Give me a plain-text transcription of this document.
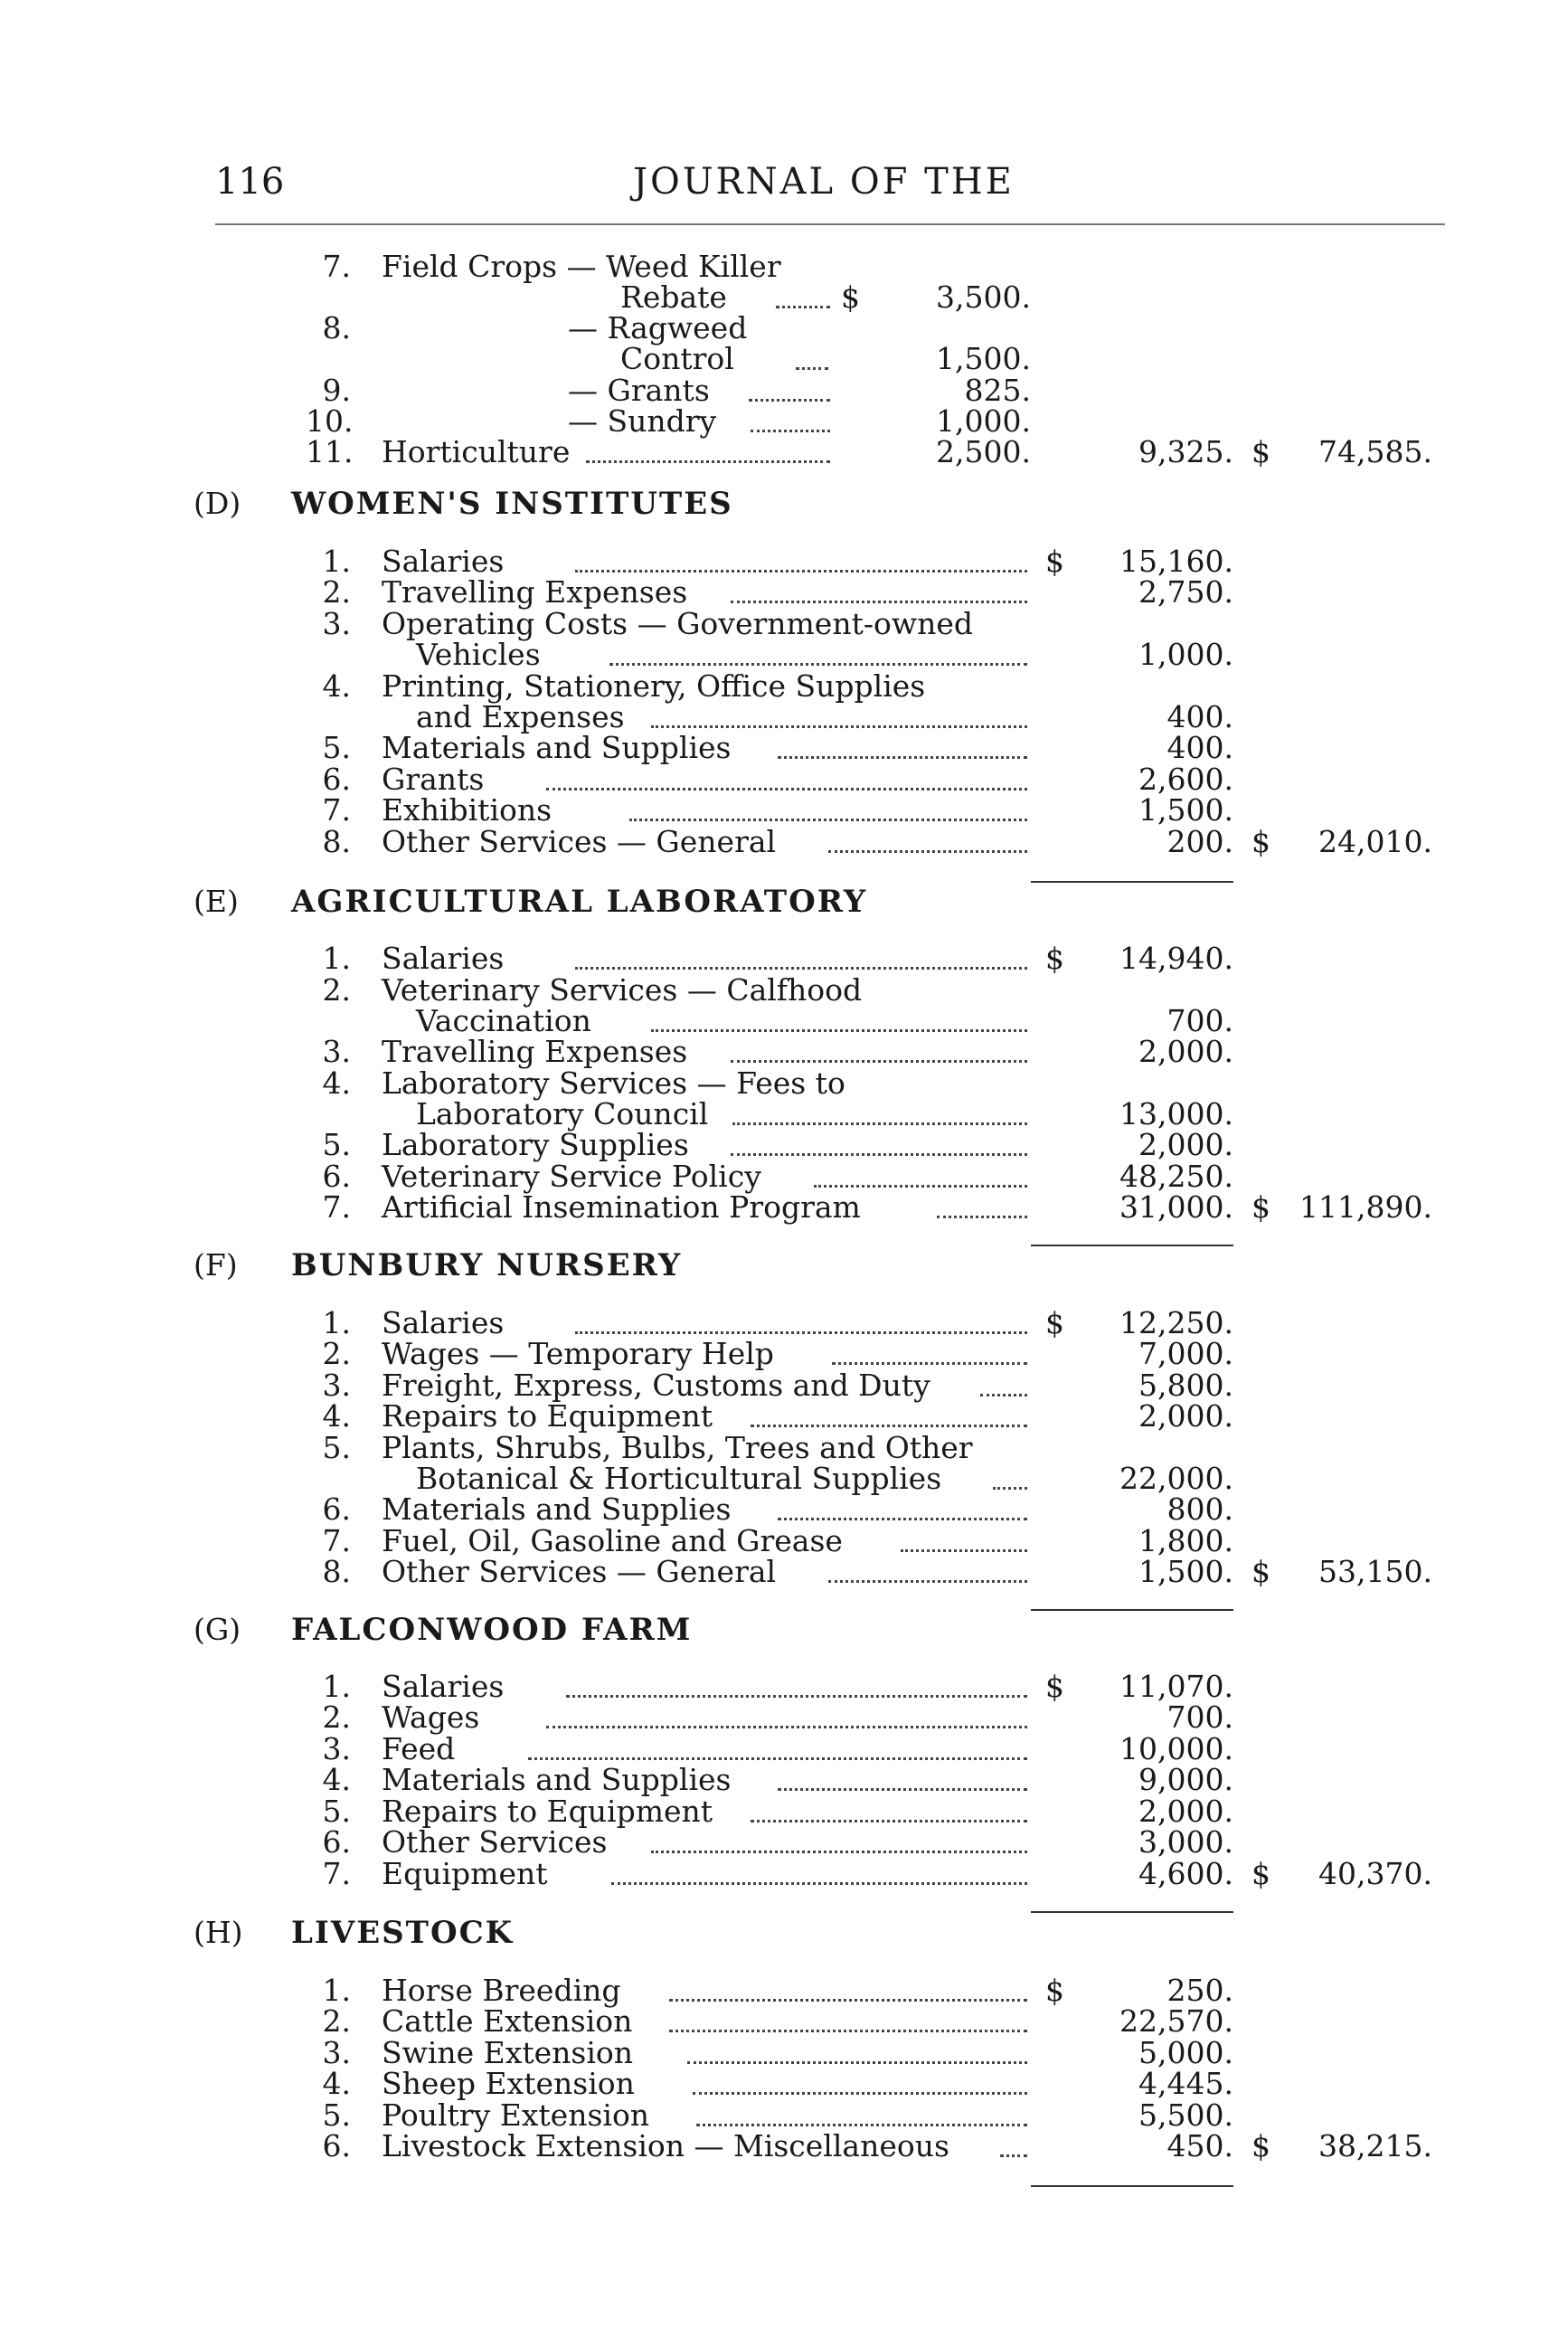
116	JOURNAL OF THE
7. Field Crops — Weed Killer
Rebate	$	3,500.
8.	— Ragweed
Control	1,500.
9.	— Grants	825.
10.	— Sundry	1,000.
11. Horticulture	2,500.	9,325. $	74,585.
(D)	WOMEN'S INSTITUTES
1. Salaries	$	15,160.
2. Travelling Expenses	2,750.
3. Operating Costs — Government-owned
Vehicles	1,000.
4. Printing, Stationery, Office Supplies
and Expenses	400.
5. Materials and Supplies	400.
6. Grants	2,600.
7. Exhibitions	1,500.
8. Other Services — General	200. $	24,010.
(E)	AGRICULTURAL LABORATORY
1. Salaries	$	14,940.
2. Veterinary Services — Calfhood
Vaccination	700.
3. Travelling Expenses	2,000.
4. Laboratory Services — Fees to
Laboratory Council	13,000.
5. Laboratory Supplies	2,000.
6. Veterinary Service Policy	48,250.
7. Artificial Insemination Program	31,000. $ 111,890.
(F)	BUNBURY NURSERY
1. Salaries	$	12,250.
2. Wages — Temporary Help	7,000.
3. Freight, Express, Customs and Duty	5,800.
4. Repairs to Equipment	2,000.
5. Plants, Shrubs, Bulbs, Trees and Other
Botanical & Horticultural Supplies	22,000.
6. Materials and Supplies	800.
7. Fuel, Oil, Gasoline and Grease	1,800.
8. Other Services — General	1,500. $	53,150.
(G)	FALCONWOOD FARM
1. Salaries	$	11,070.
2. Wages	700.
3. Feed	10,000.
4. Materials and Supplies	9,000.
5. Repairs to Equipment	2,000.
6. Other Services	3,000.
7. Equipment	4,600. $	40,370.
(H)	LIVESTOCK
1. Horse Breeding	$	250.
2. Cattle Extension	22,570.
3. Swine Extension	5,000.
4. Sheep Extension	4,445.
5. Poultry Extension	5,500.
6. Livestock Extension — Miscellaneous	450. $	38,215.
